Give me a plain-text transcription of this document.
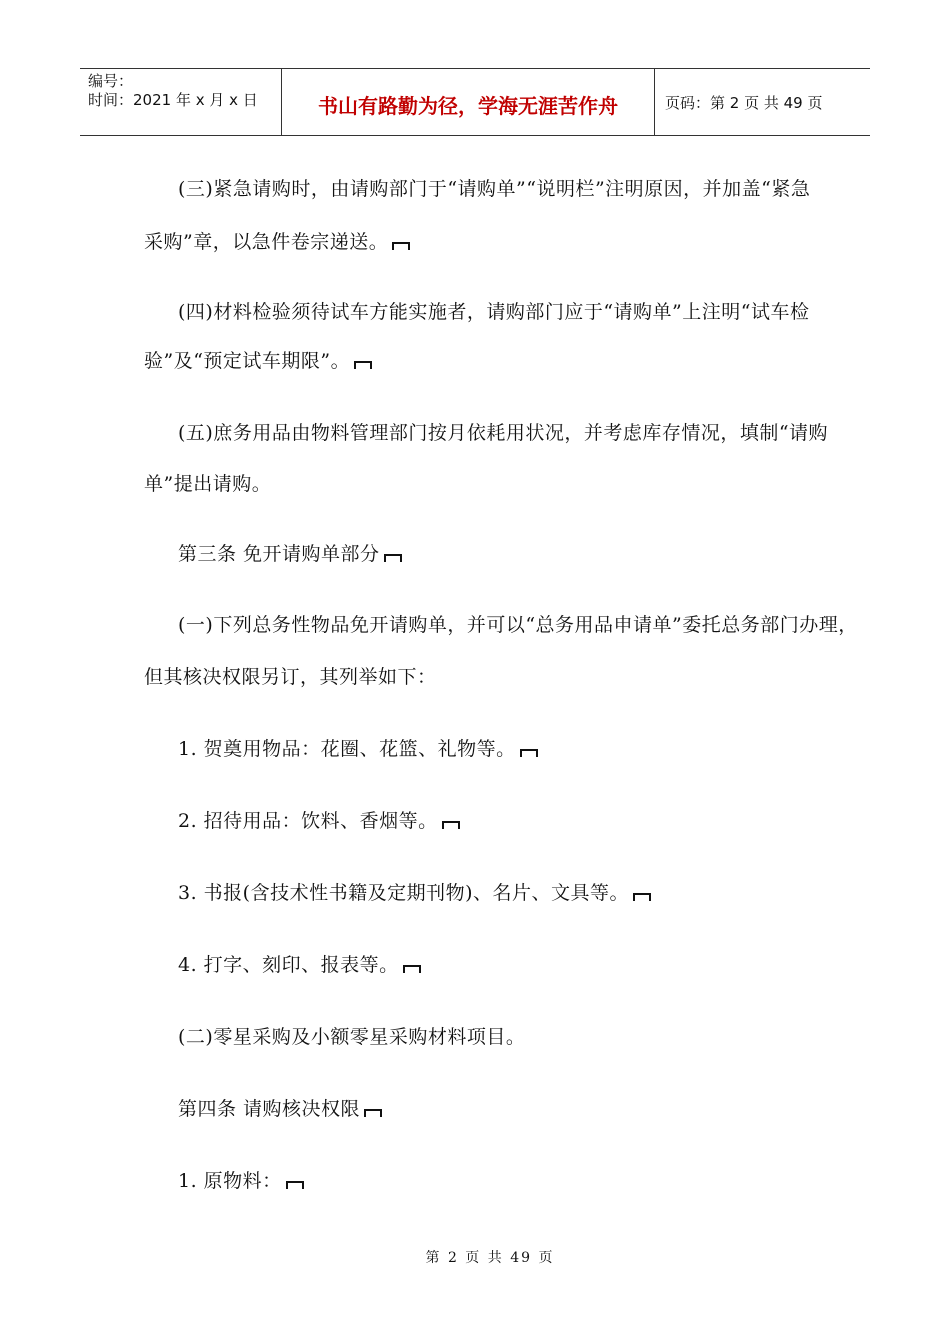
编号：
时间：2021 年 x 月 x 日	书山有路勤为径，学海无涯苦作舟	页码：第 2 页 共 49 页
(三)紧急请购时，由请购部门于“请购单”“说明栏”注明原因，并加盖“紧急
采购”章，以急件卷宗递送。
(四)材料检验须待试车方能实施者，请购部门应于“请购单”上注明“试车检
验”及“预定试车期限”。
(五)庶务用品由物料管理部门按月依耗用状况，并考虑库存情况，填制“请购
单”提出请购。
第三条 免开请购单部分
(一)下列总务性物品免开请购单，并可以“总务用品申请单”委托总务部门办理，
但其核决权限另订，其列举如下：
1. 贺奠用物品：花圈、花篮、礼物等。
2. 招待用品：饮料、香烟等。
3. 书报(含技术性书籍及定期刊物)、名片、文具等。
4. 打字、刻印、报表等。
(二)零星采购及小额零星采购材料项目。
第四条 请购核决权限
1. 原物料：
第 2 页 共 49 页
